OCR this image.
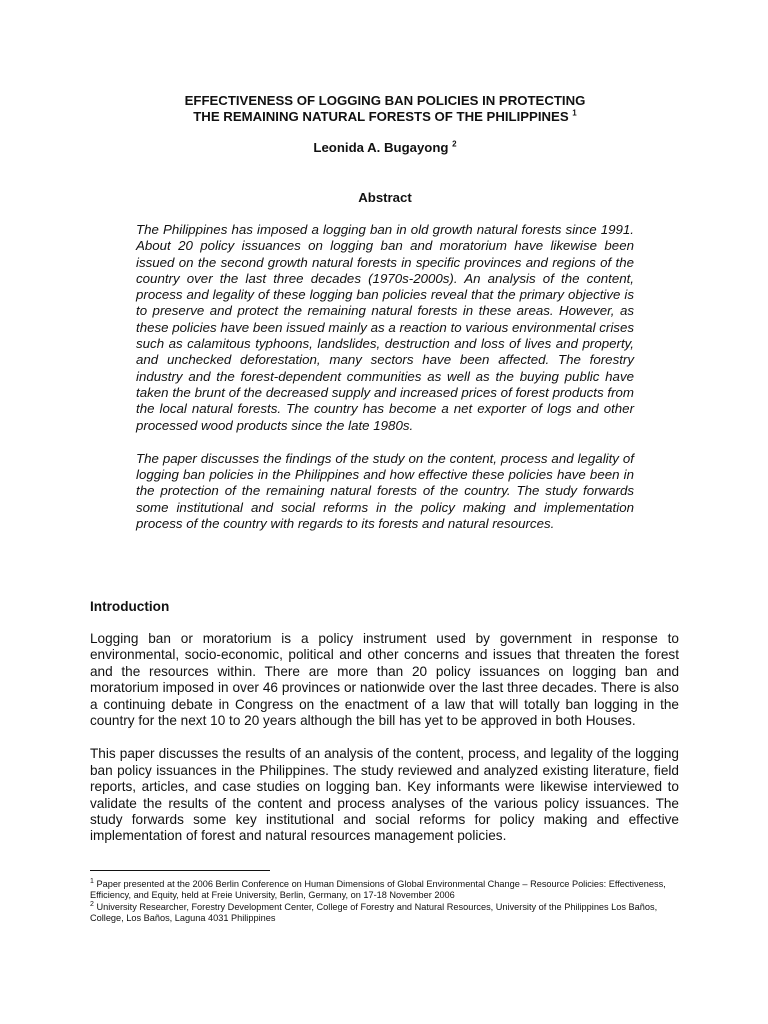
EFFECTIVENESS OF LOGGING BAN POLICIES IN PROTECTING
THE REMAINING NATURAL FORESTS OF THE PHILIPPINES $^1$
Leonida A. Bugayong $^2$
Abstract

The Philippines has imposed a logging ban in old growth natural forests since 1991. About 20 policy issuances on logging ban and moratorium have likewise been issued on the second growth natural forests in specific provinces and regions of the country over the last three decades (1970s-2000s). An analysis of the content, process and legality of these logging ban policies reveal that the primary objective is to preserve and protect the remaining natural forests in these areas. However, as these policies have been issued mainly as a reaction to various environmental crises such as calamitous typhoons, landslides, destruction and loss of lives and property, and unchecked deforestation, many sectors have been affected. The forestry industry and the forest-dependent communities as well as the buying public have taken the brunt of the decreased supply and increased prices of forest products from the local natural forests. The country has become a net exporter of logs and other processed wood products since the late 1980s.

The paper discusses the findings of the study on the content, process and legality of logging ban policies in the Philippines and how effective these policies have been in the protection of the remaining natural forests of the country. The study forwards some institutional and social reforms in the policy making and implementation process of the country with regards to its forests and natural resources.

Introduction

Logging ban or moratorium is a policy instrument used by government in response to environmental, socio-economic, political and other concerns and issues that threaten the forest and the resources within. There are more than 20 policy issuances on logging ban and moratorium imposed in over 46 provinces or nationwide over the last three decades. There is also a continuing debate in Congress on the enactment of a law that will totally ban logging in the country for the next 10 to 20 years although the bill has yet to be approved in both Houses.

This paper discusses the results of an analysis of the content, process, and legality of the logging ban policy issuances in the Philippines. The study reviewed and analyzed existing literature, field reports, articles, and case studies on logging ban. Key informants were likewise interviewed to validate the results of the content and process analyses of the various policy issuances. The study forwards some key institutional and social reforms for policy making and effective implementation of forest and natural resources management policies.

$^1$ Paper presented at the 2006 Berlin Conference on Human Dimensions of Global Environmental Change – Resource Policies: Effectiveness, Efficiency, and Equity, held at Freie University, Berlin, Germany, on 17-18 November 2006

$^2$ University Researcher, Forestry Development Center, College of Forestry and Natural Resources, University of the Philippines Los Baños, College, Los Baños, Laguna 4031 Philippines
